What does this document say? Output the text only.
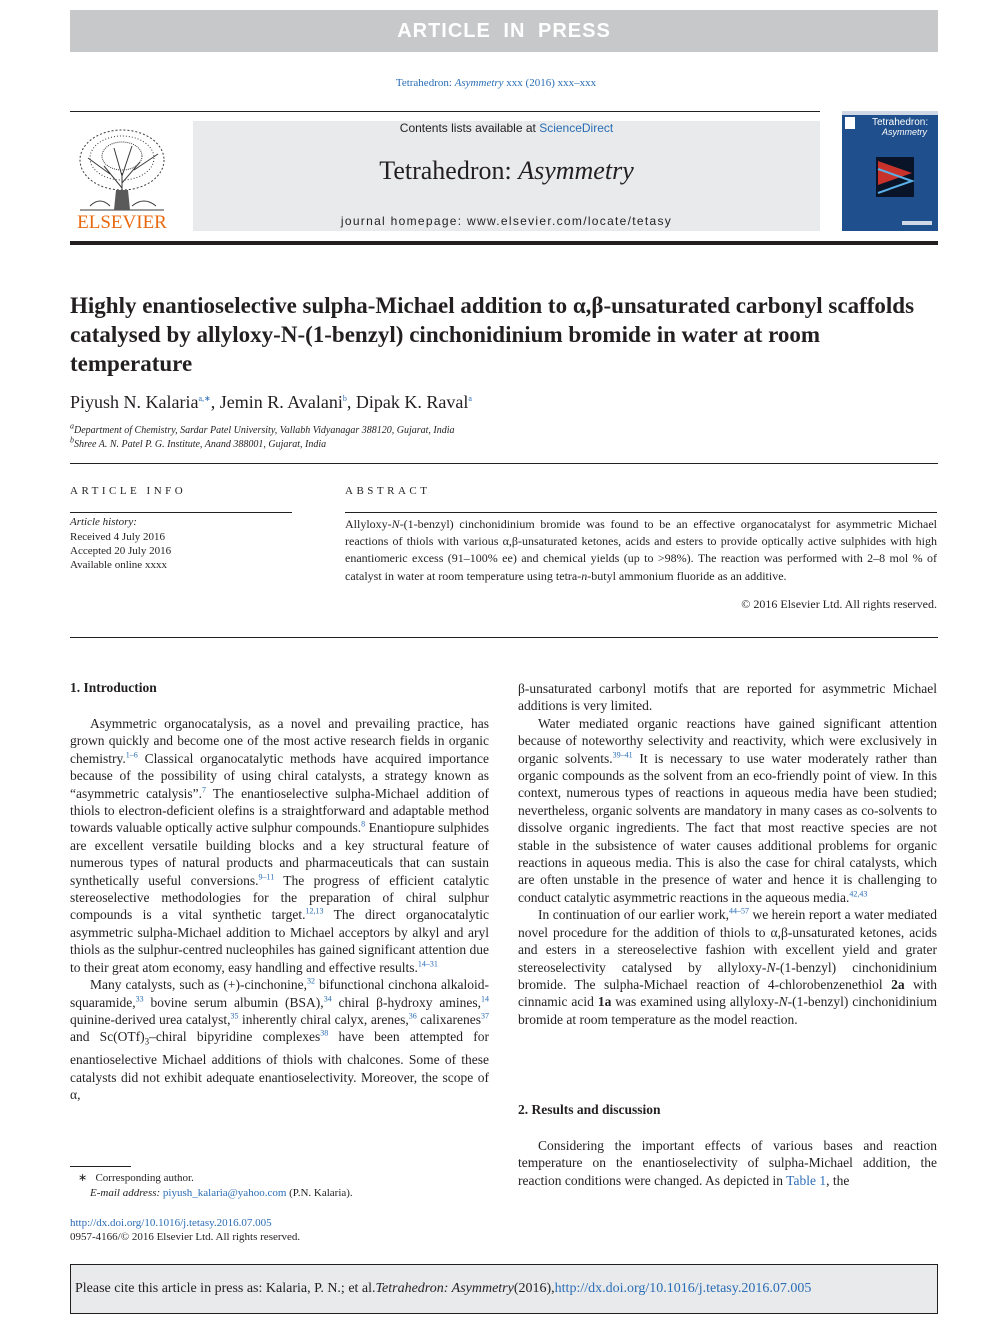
ARTICLE IN PRESS
Tetrahedron: Asymmetry xxx (2016) xxx–xxx
ELSEVIER
Contents lists available at ScienceDirect
Tetrahedron: Asymmetry
journal homepage: www.elsevier.com/locate/tetasy
Tetrahedron:
Asymmetry
Highly enantioselective sulpha-Michael addition to α,β-unsaturated carbonyl scaffolds catalysed by allyloxy-N-(1-benzyl) cinchonidinium bromide in water at room temperature
Piyush N. Kalaria$^{a,∗}$, Jemin R. Avalani$^b$, Dipak K. Raval$^a$
$^a$Department of Chemistry, Sardar Patel University, Vallabh Vidyanagar 388120, Gujarat, India
$^b$Shree A. N. Patel P. G. Institute, Anand 388001, Gujarat, India
ARTICLE INFO	ABSTRACT
Article history:
Received 4 July 2016
Accepted 20 July 2016
Available online xxxx
Allyloxy-N-(1-benzyl) cinchonidinium bromide was found to be an effective organocatalyst for asymmetric Michael reactions of thiols with various α,β-unsaturated ketones, acids and esters to provide optically active sulphides with high enantiomeric excess (91–100% ee) and chemical yields (up to >98%). The reaction was performed with 2–8 mol % of catalyst in water at room temperature using tetra-n-butyl ammonium fluoride as an additive.
© 2016 Elsevier Ltd. All rights reserved.
1. Introduction

Asymmetric organocatalysis, as a novel and prevailing practice, has grown quickly and become one of the most active research fields in organic chemistry.$^{1-6}$ Classical organocatalytic methods have acquired importance because of the possibility of using chiral catalysts, a strategy known as “asymmetric catalysis”.$^7$ The enantioselective sulpha-Michael addition of thiols to electron-deficient olefins is a straightforward and adaptable method towards valuable optically active sulphur compounds.$^8$ Enantiopure sulphides are excellent versatile building blocks and a key structural feature of numerous types of natural products and pharmaceuticals that can sustain synthetically useful conversions.$^{9-11}$ The progress of efficient catalytic stereoselective methodologies for the preparation of chiral sulphur compounds is a vital synthetic target.$^{12,13}$ The direct organocatalytic asymmetric sulpha-Michael addition to Michael acceptors by alkyl and aryl thiols as the sulphur-centred nucleophiles has gained significant attention due to their great atom economy, easy handling and effective results.$^{14-31}$

Many catalysts, such as (+)-cinchonine,$^{32}$ bifunctional cinchona alkaloid-squaramide,$^{33}$ bovine serum albumin (BSA),$^{34}$ chiral β-hydroxy amines,$^{14}$ quinine-derived urea catalyst,$^{35}$ inherently chiral calyx, arenes,$^{36}$ calixarenes$^{37}$ and $Sc(OTf)_3$–chiral bipyridine complexes$^{38}$ have been attempted for enantioselective Michael additions of thiols with chalcones. Some of these catalysts did not exhibit adequate enantioselectivity. Moreover, the scope of α,

β-unsaturated carbonyl motifs that are reported for asymmetric Michael additions is very limited.

Water mediated organic reactions have gained significant attention because of noteworthy selectivity and reactivity, which were exclusively in organic solvents.$^{39-41}$ It is necessary to use water moderately rather than organic compounds as the solvent from an eco-friendly point of view. In this context, numerous types of reactions in aqueous media have been studied; nevertheless, organic solvents are mandatory in many cases as co-solvents to dissolve organic ingredients. The fact that most reactive species are not stable in the subsistence of water causes additional problems for organic reactions in aqueous media. This is also the case for chiral catalysts, which are often unstable in the presence of water and hence it is challenging to conduct catalytic asymmetric reactions in the aqueous media.$^{42,43}$

In continuation of our earlier work,$^{44-57}$ we herein report a water mediated novel procedure for the addition of thiols to α,β-unsaturated ketones, acids and esters in a stereoselective fashion with excellent yield and grater stereoselectivity catalysed by allyloxy-N-(1-benzyl) cinchonidinium bromide. The sulpha-Michael reaction of 4-chlorobenzenethiol 2a with cinnamic acid 1a was examined using allyloxy-N-(1-benzyl) cinchonidinium bromide at room temperature as the model reaction.

2. Results and discussion

Considering the important effects of various bases and reaction temperature on the enantioselectivity of sulpha-Michael addition, the reaction conditions were changed. As depicted in Table 1, the

∗ Corresponding author.
E-mail address: piyush_kalaria@yahoo.com (P.N. Kalaria).
http://dx.doi.org/10.1016/j.tetasy.2016.07.005
0957-4166/© 2016 Elsevier Ltd. All rights reserved.
Please cite this article in press as: Kalaria, P. N.; et al. Tetrahedron: Asymmetry (2016), http://dx.doi.org/10.1016/j.tetasy.2016.07.005
